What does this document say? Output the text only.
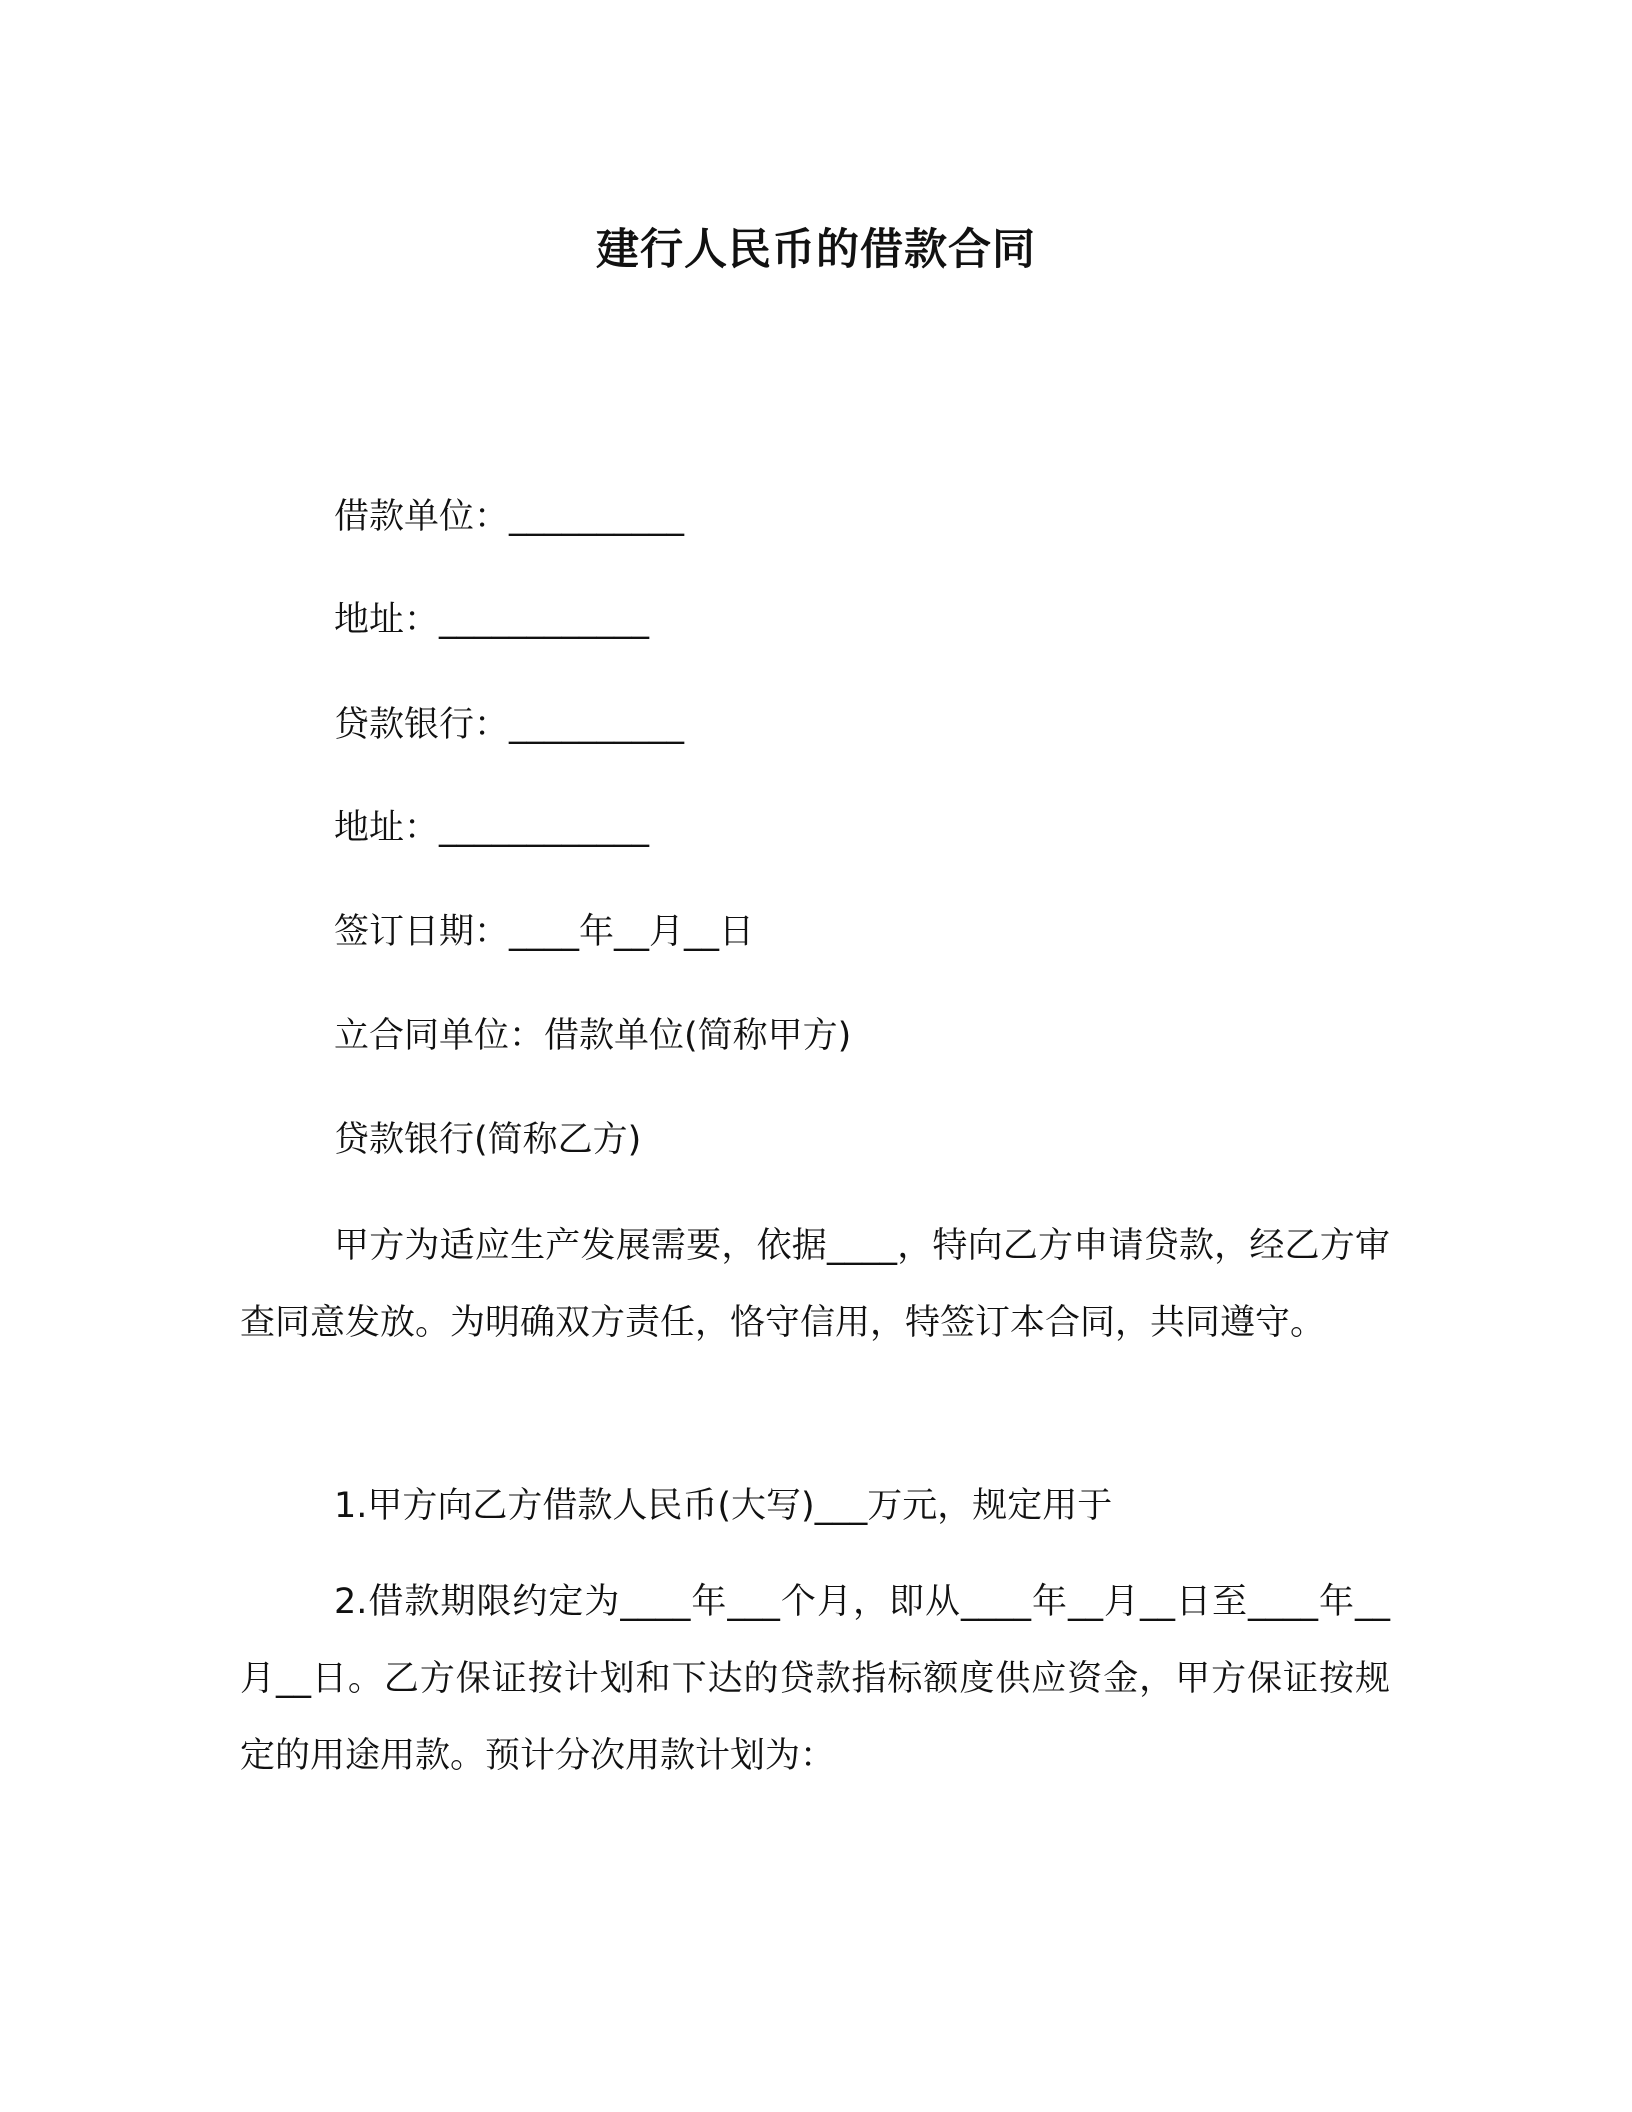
建行人民币的借款合同
借款单位：__________
地址：____________
贷款银行：__________
地址：____________
签订日期：____年__月__日
立合同单位：借款单位(简称甲方)
贷款银行(简称乙方)
甲方为适应生产发展需要，依据____，特向乙方申请贷款，经乙方审查同意发放。为明确双方责任，恪守信用，特签订本合同，共同遵守。
1.甲方向乙方借款人民币(大写)___万元，规定用于
2.借款期限约定为____年___个月，即从____年__月__日至____年__月__日。乙方保证按计划和下达的贷款指标额度供应资金，甲方保证按规定的用途用款。预计分次用款计划为：
